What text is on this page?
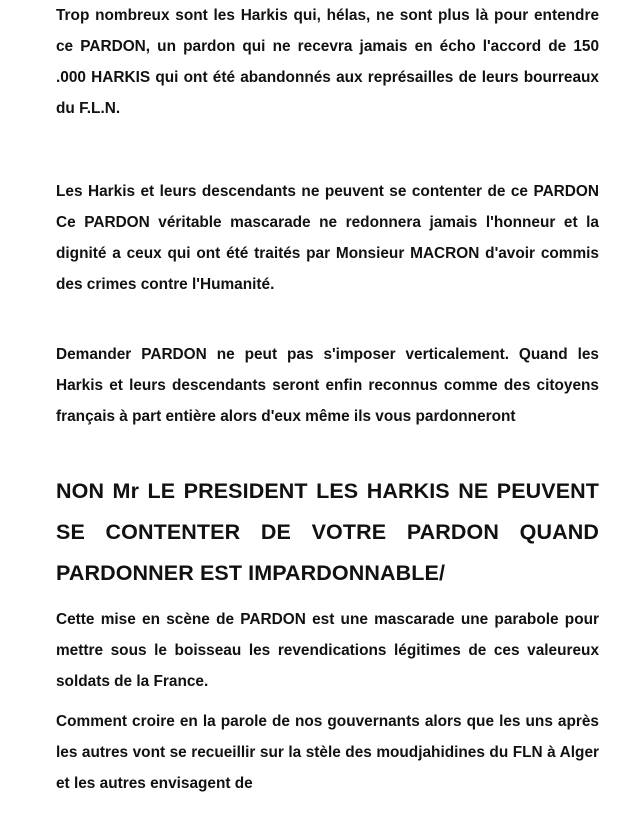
Trop nombreux sont les Harkis qui, hélas, ne sont plus là pour entendre ce PARDON, un pardon qui ne recevra jamais en écho l'accord de 150 .000 HARKIS qui ont été abandonnés aux représailles de leurs bourreaux du F.L.N.

Les Harkis et leurs descendants ne peuvent se contenter de ce PARDON Ce PARDON véritable mascarade ne redonnera jamais l'honneur et la dignité a ceux qui ont été traités par Monsieur MACRON d'avoir commis des crimes contre l'Humanité.

Demander PARDON ne peut pas s'imposer verticalement. Quand les Harkis et leurs descendants seront enfin reconnus comme des citoyens français à part entière alors d'eux même ils vous pardonneront

NON Mr LE PRESIDENT LES HARKIS NE PEUVENT SE CONTENTER DE VOTRE PARDON QUAND PARDONNER EST IMPARDONNABLE/

Cette mise en scène de PARDON est une mascarade une parabole pour mettre sous le boisseau les revendications légitimes de ces valeureux soldats de la France.

Comment croire en la parole de nos gouvernants alors que les uns après les autres vont se recueillir sur la stèle des moudjahidines du FLN à Alger et les autres envisagent de
